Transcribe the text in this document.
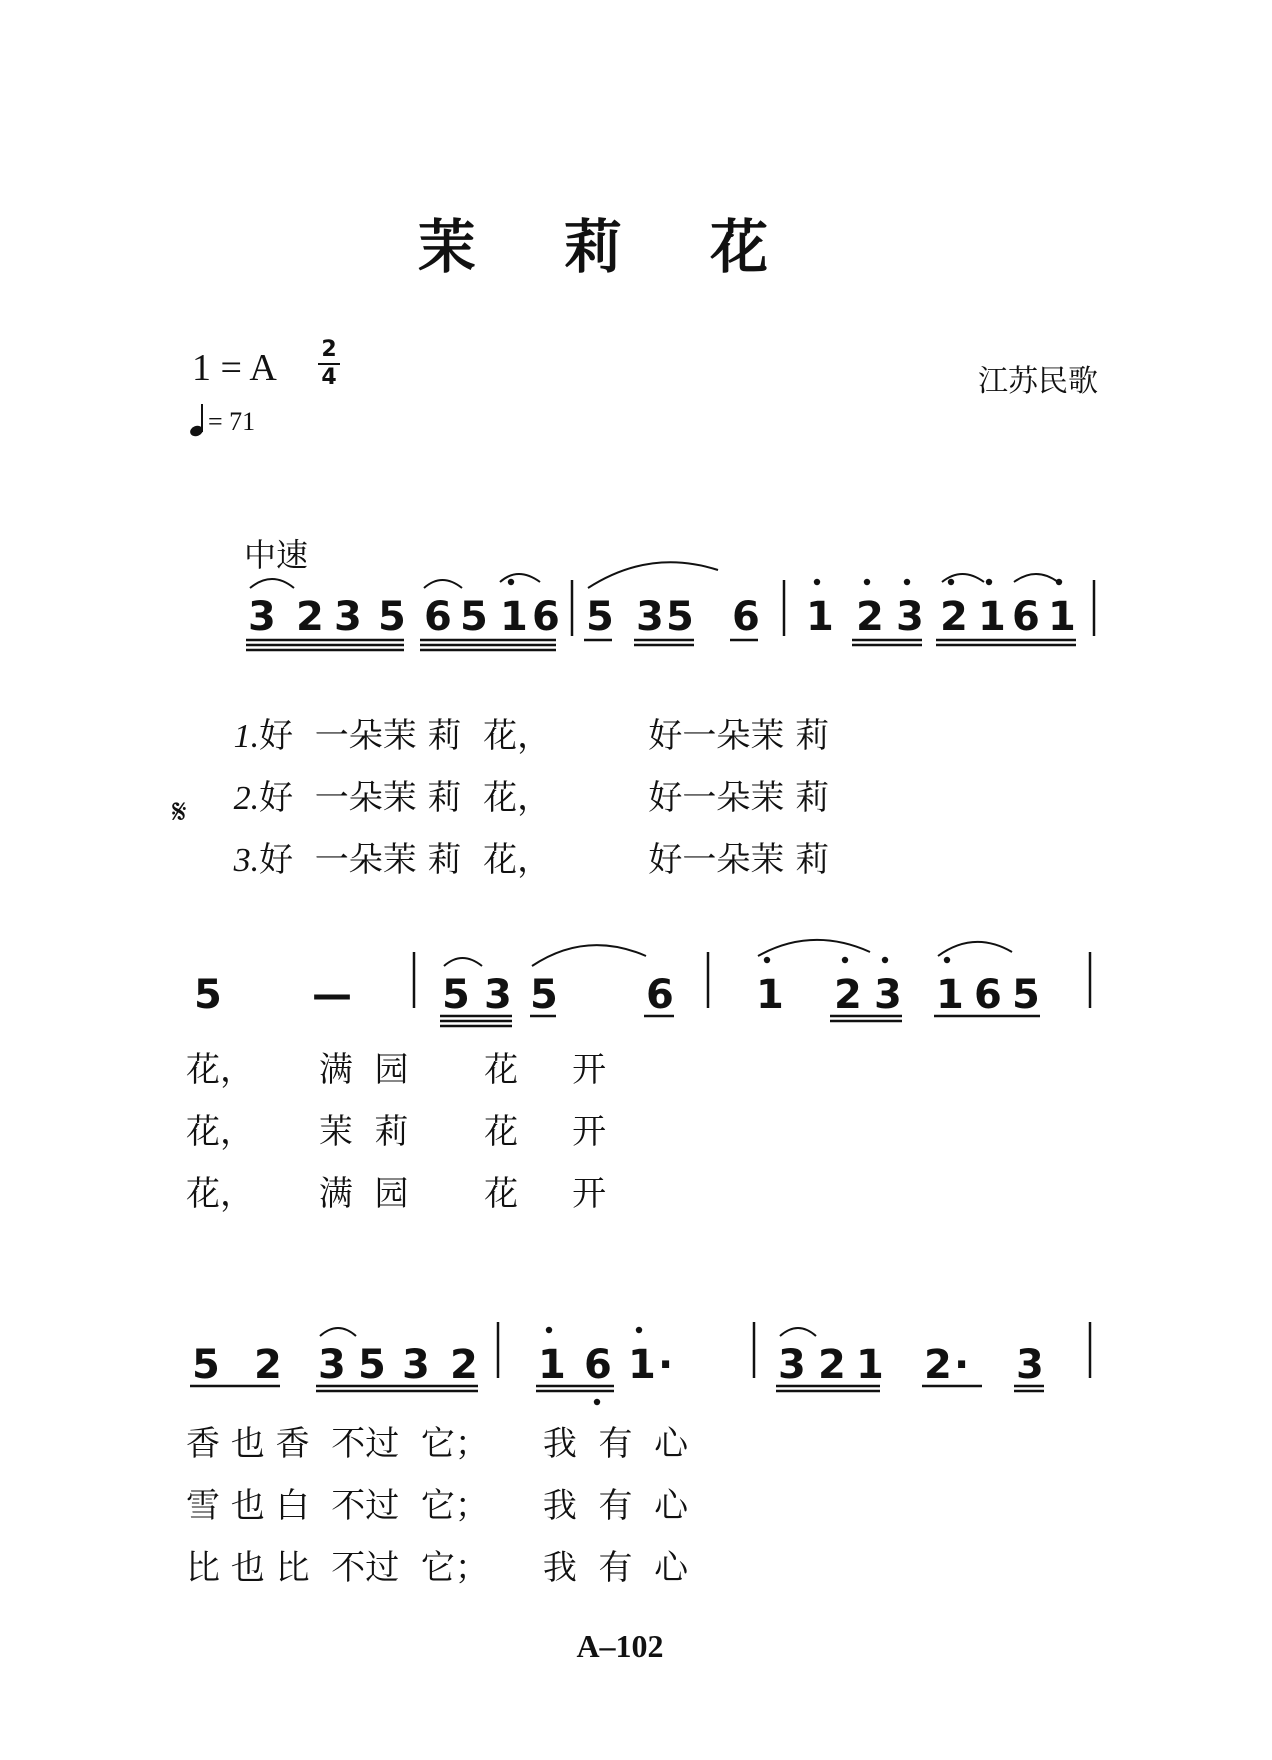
茉 莉 花
1 = A 2
4
= 71
江苏民歌
中速
3 2 3 5 6 5 1 6 5 3 5 6 1 2 3 2 1 6 1
5 — 5 3 5 6 1 2 3 1 6 5
5 2 3 5 3 2 1 6 1 ·	3 2 1 2 · 3
𝄋

1.好  一朵茉 莉  花，         好一朵茉 莉

2.好  一朵茉 莉  花，         好一朵茉 莉

3.好  一朵茉 莉  花，         好一朵茉 莉

花，      满  园       花     开
花，      茉  莉       花     开
花，      满  园       花     开
香 也 香  不过  它；     我  有  心
雪 也 白  不过  它；     我  有  心
比 也 比  不过  它；     我  有  心
A–102
